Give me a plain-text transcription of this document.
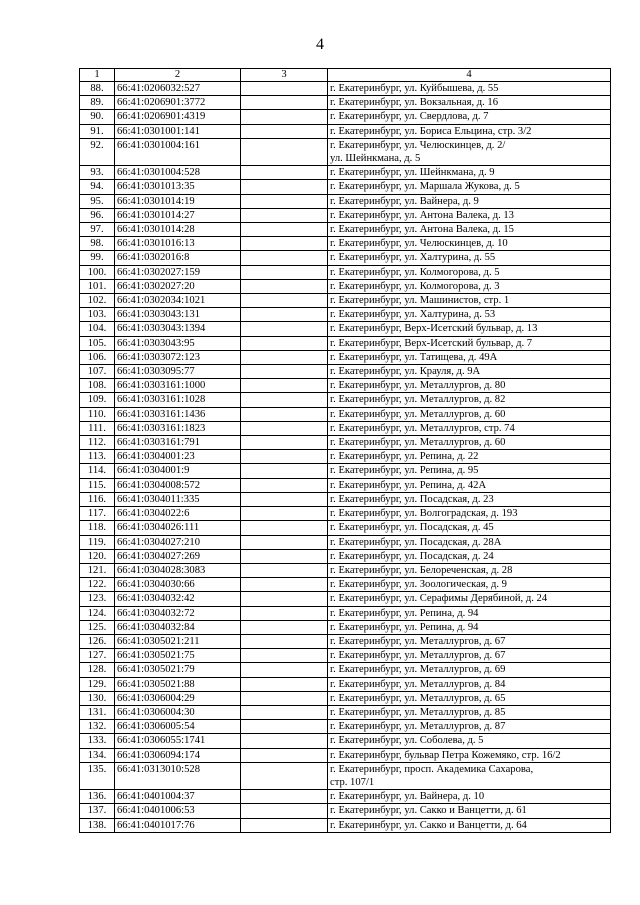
4
1	2	3	4
88.	66:41:0206032:527		г. Екатеринбург, ул. Куйбышева, д. 55

89.	66:41:0206901:3772		г. Екатеринбург, ул. Вокзальная, д. 16

90.	66:41:0206901:4319		г. Екатеринбург, ул. Свердлова, д. 7

91.	66:41:0301001:141		г. Екатеринбург, ул. Бориса Ельцина, стр. 3/2

92.	66:41:0301004:161		г. Екатеринбург, ул. Челюскинцев, д. 2/
ул. Шейнкмана, д. 5

93.	66:41:0301004:528		г. Екатеринбург, ул. Шейнкмана, д. 9

94.	66:41:0301013:35		г. Екатеринбург, ул. Маршала Жукова, д. 5

95.	66:41:0301014:19		г. Екатеринбург, ул. Вайнера, д. 9

96.	66:41:0301014:27		г. Екатеринбург, ул. Антона Валека, д. 13

97.	66:41:0301014:28		г. Екатеринбург, ул. Антона Валека, д. 15

98.	66:41:0301016:13		г. Екатеринбург, ул. Челюскинцев, д. 10

99.	66:41:0302016:8		г. Екатеринбург, ул. Халтурина, д. 55

100.	66:41:0302027:159		г. Екатеринбург, ул. Колмогорова, д. 5

101.	66:41:0302027:20		г. Екатеринбург, ул. Колмогорова, д. 3

102.	66:41:0302034:1021		г. Екатеринбург, ул. Машинистов, стр. 1

103.	66:41:0303043:131		г. Екатеринбург, ул. Халтурина, д. 53

104.	66:41:0303043:1394		г. Екатеринбург, Верх-Исетский бульвар, д. 13

105.	66:41:0303043:95		г. Екатеринбург, Верх-Исетский бульвар, д. 7

106.	66:41:0303072:123		г. Екатеринбург, ул. Татищева, д. 49А

107.	66:41:0303095:77		г. Екатеринбург, ул. Крауля, д. 9А

108.	66:41:0303161:1000		г. Екатеринбург, ул. Металлургов, д. 80

109.	66:41:0303161:1028		г. Екатеринбург, ул. Металлургов, д. 82

110.	66:41:0303161:1436		г. Екатеринбург, ул. Металлургов, д. 60

111.	66:41:0303161:1823		г. Екатеринбург, ул. Металлургов, стр. 74

112.	66:41:0303161:791		г. Екатеринбург, ул. Металлургов, д. 60

113.	66:41:0304001:23		г. Екатеринбург, ул. Репина, д. 22

114.	66:41:0304001:9		г. Екатеринбург, ул. Репина, д. 95

115.	66:41:0304008:572		г. Екатеринбург, ул. Репина, д. 42А

116.	66:41:0304011:335		г. Екатеринбург, ул. Посадская, д. 23

117.	66:41:0304022:6		г. Екатеринбург, ул. Волгоградская, д. 193

118.	66:41:0304026:111		г. Екатеринбург, ул. Посадская, д. 45

119.	66:41:0304027:210		г. Екатеринбург, ул. Посадская, д. 28А

120.	66:41:0304027:269		г. Екатеринбург, ул. Посадская, д. 24

121.	66:41:0304028:3083		г. Екатеринбург, ул. Белореченская, д. 28

122.	66:41:0304030:66		г. Екатеринбург, ул. Зоологическая, д. 9

123.	66:41:0304032:42		г. Екатеринбург, ул. Серафимы Дерябиной, д. 24

124.	66:41:0304032:72		г. Екатеринбург, ул. Репина, д. 94

125.	66:41:0304032:84		г. Екатеринбург, ул. Репина, д. 94

126.	66:41:0305021:211		г. Екатеринбург, ул. Металлургов, д. 67

127.	66:41:0305021:75		г. Екатеринбург, ул. Металлургов, д. 67

128.	66:41:0305021:79		г. Екатеринбург, ул. Металлургов, д. 69

129.	66:41:0305021:88		г. Екатеринбург, ул. Металлургов, д. 84

130.	66:41:0306004:29		г. Екатеринбург, ул. Металлургов, д. 65

131.	66:41:0306004:30		г. Екатеринбург, ул. Металлургов, д. 85

132.	66:41:0306005:54		г. Екатеринбург, ул. Металлургов, д. 87

133.	66:41:0306055:1741		г. Екатеринбург, ул. Соболева, д. 5

134.	66:41:0306094:174		г. Екатеринбург, бульвар Петра Кожемяко, стр. 16/2

135.	66:41:0313010:528		г. Екатеринбург, просп. Академика Сахарова,
стр. 107/1

136.	66:41:0401004:37		г. Екатеринбург, ул. Вайнера, д. 10

137.	66:41:0401006:53		г. Екатеринбург, ул. Сакко и Ванцетти, д. 61

138.	66:41:0401017:76		г. Екатеринбург, ул. Сакко и Ванцетти, д. 64
